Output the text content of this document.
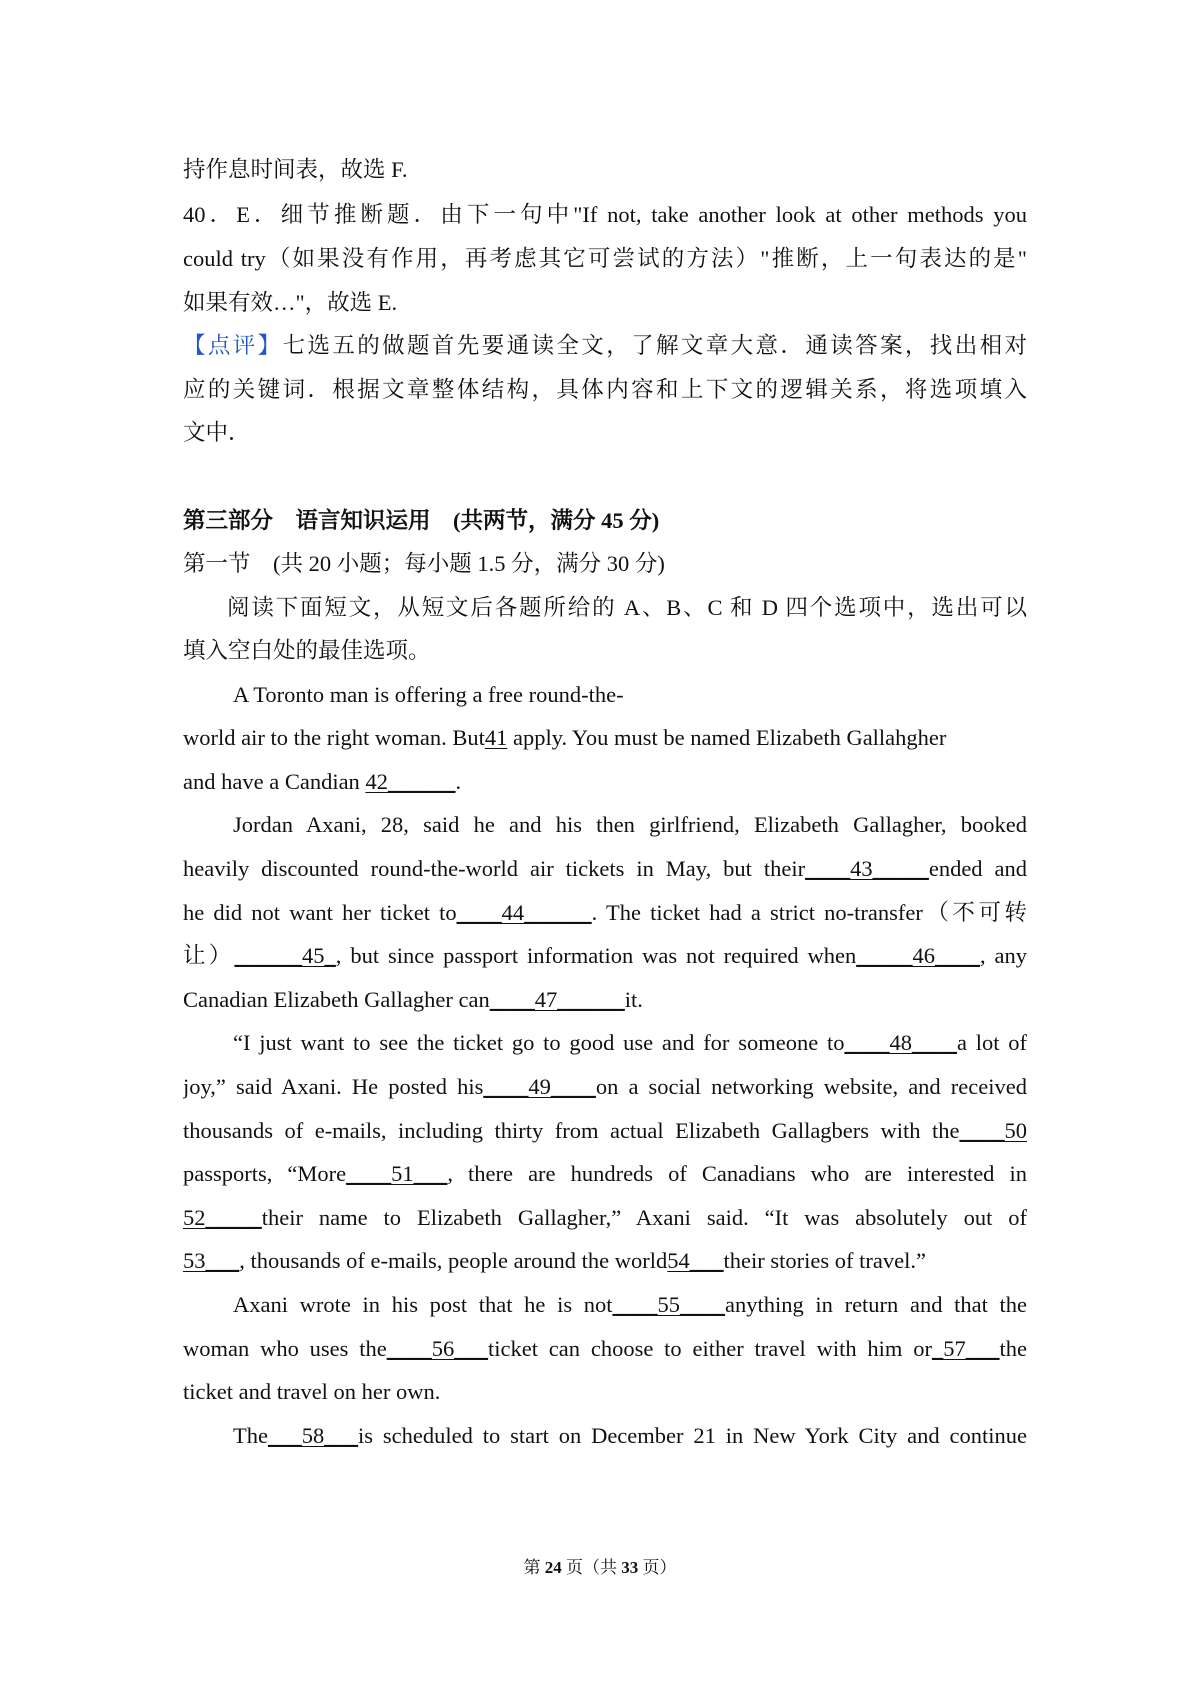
持作息时间表，故选 F.
40．E．细节推断题．由下一句中"If not, take another look at other methods you
could try（如果没有作用，再考虑其它可尝试的方法）"推断，上一句表达的是"
如果有效…"，故选 E.
【点评】七选五的做题首先要通读全文，了解文章大意．通读答案，找出相对
应的关键词．根据文章整体结构，具体内容和上下文的逻辑关系，将选项填入
文中．
第三部分　语言知识运用　(共两节，满分 45 分)
第一节　(共 20 小题；每小题 1.5 分，满分 30 分)
阅读下面短文，从短文后各题所给的 A、B、C 和 D 四个选项中，选出可以
填入空白处的最佳选项。
A Toronto man is offering a free round-the-
world air to the right woman. But41 apply. You must be named Elizabeth Gallahgher
and have a Candian 42______.
Jordan Axani, 28, said he and his then girlfriend, Elizabeth Gallagher, booked
heavily discounted round-the-world air tickets in May, but their____43_____ended and
he did not want her ticket to____44______. The ticket had a strict no-transfer（不可转
让）______45_, but since passport information was not required when_____46____, any
Canadian Elizabeth Gallagher can____47______it.
“I just want to see the ticket go to good use and for someone to____48____a lot of
joy,” said Axani. He posted his____49____on a social networking website, and received
thousands of e-mails, including thirty from actual Elizabeth Gallagbers with the____50
passports, “More____51___, there are hundreds of Canadians who are interested in
52_____their name to Elizabeth Gallagher,” Axani said. “It was absolutely out of
53___, thousands of e-mails, people around the world54___their stories of travel.”
Axani wrote in his post that he is not____55____anything in return and that the
woman who uses the____56___ticket can choose to either travel with him or_57___the
ticket and travel on her own.
The___58___is scheduled to start on December 21 in New York City and continue
第 24 页（共 33 页）
